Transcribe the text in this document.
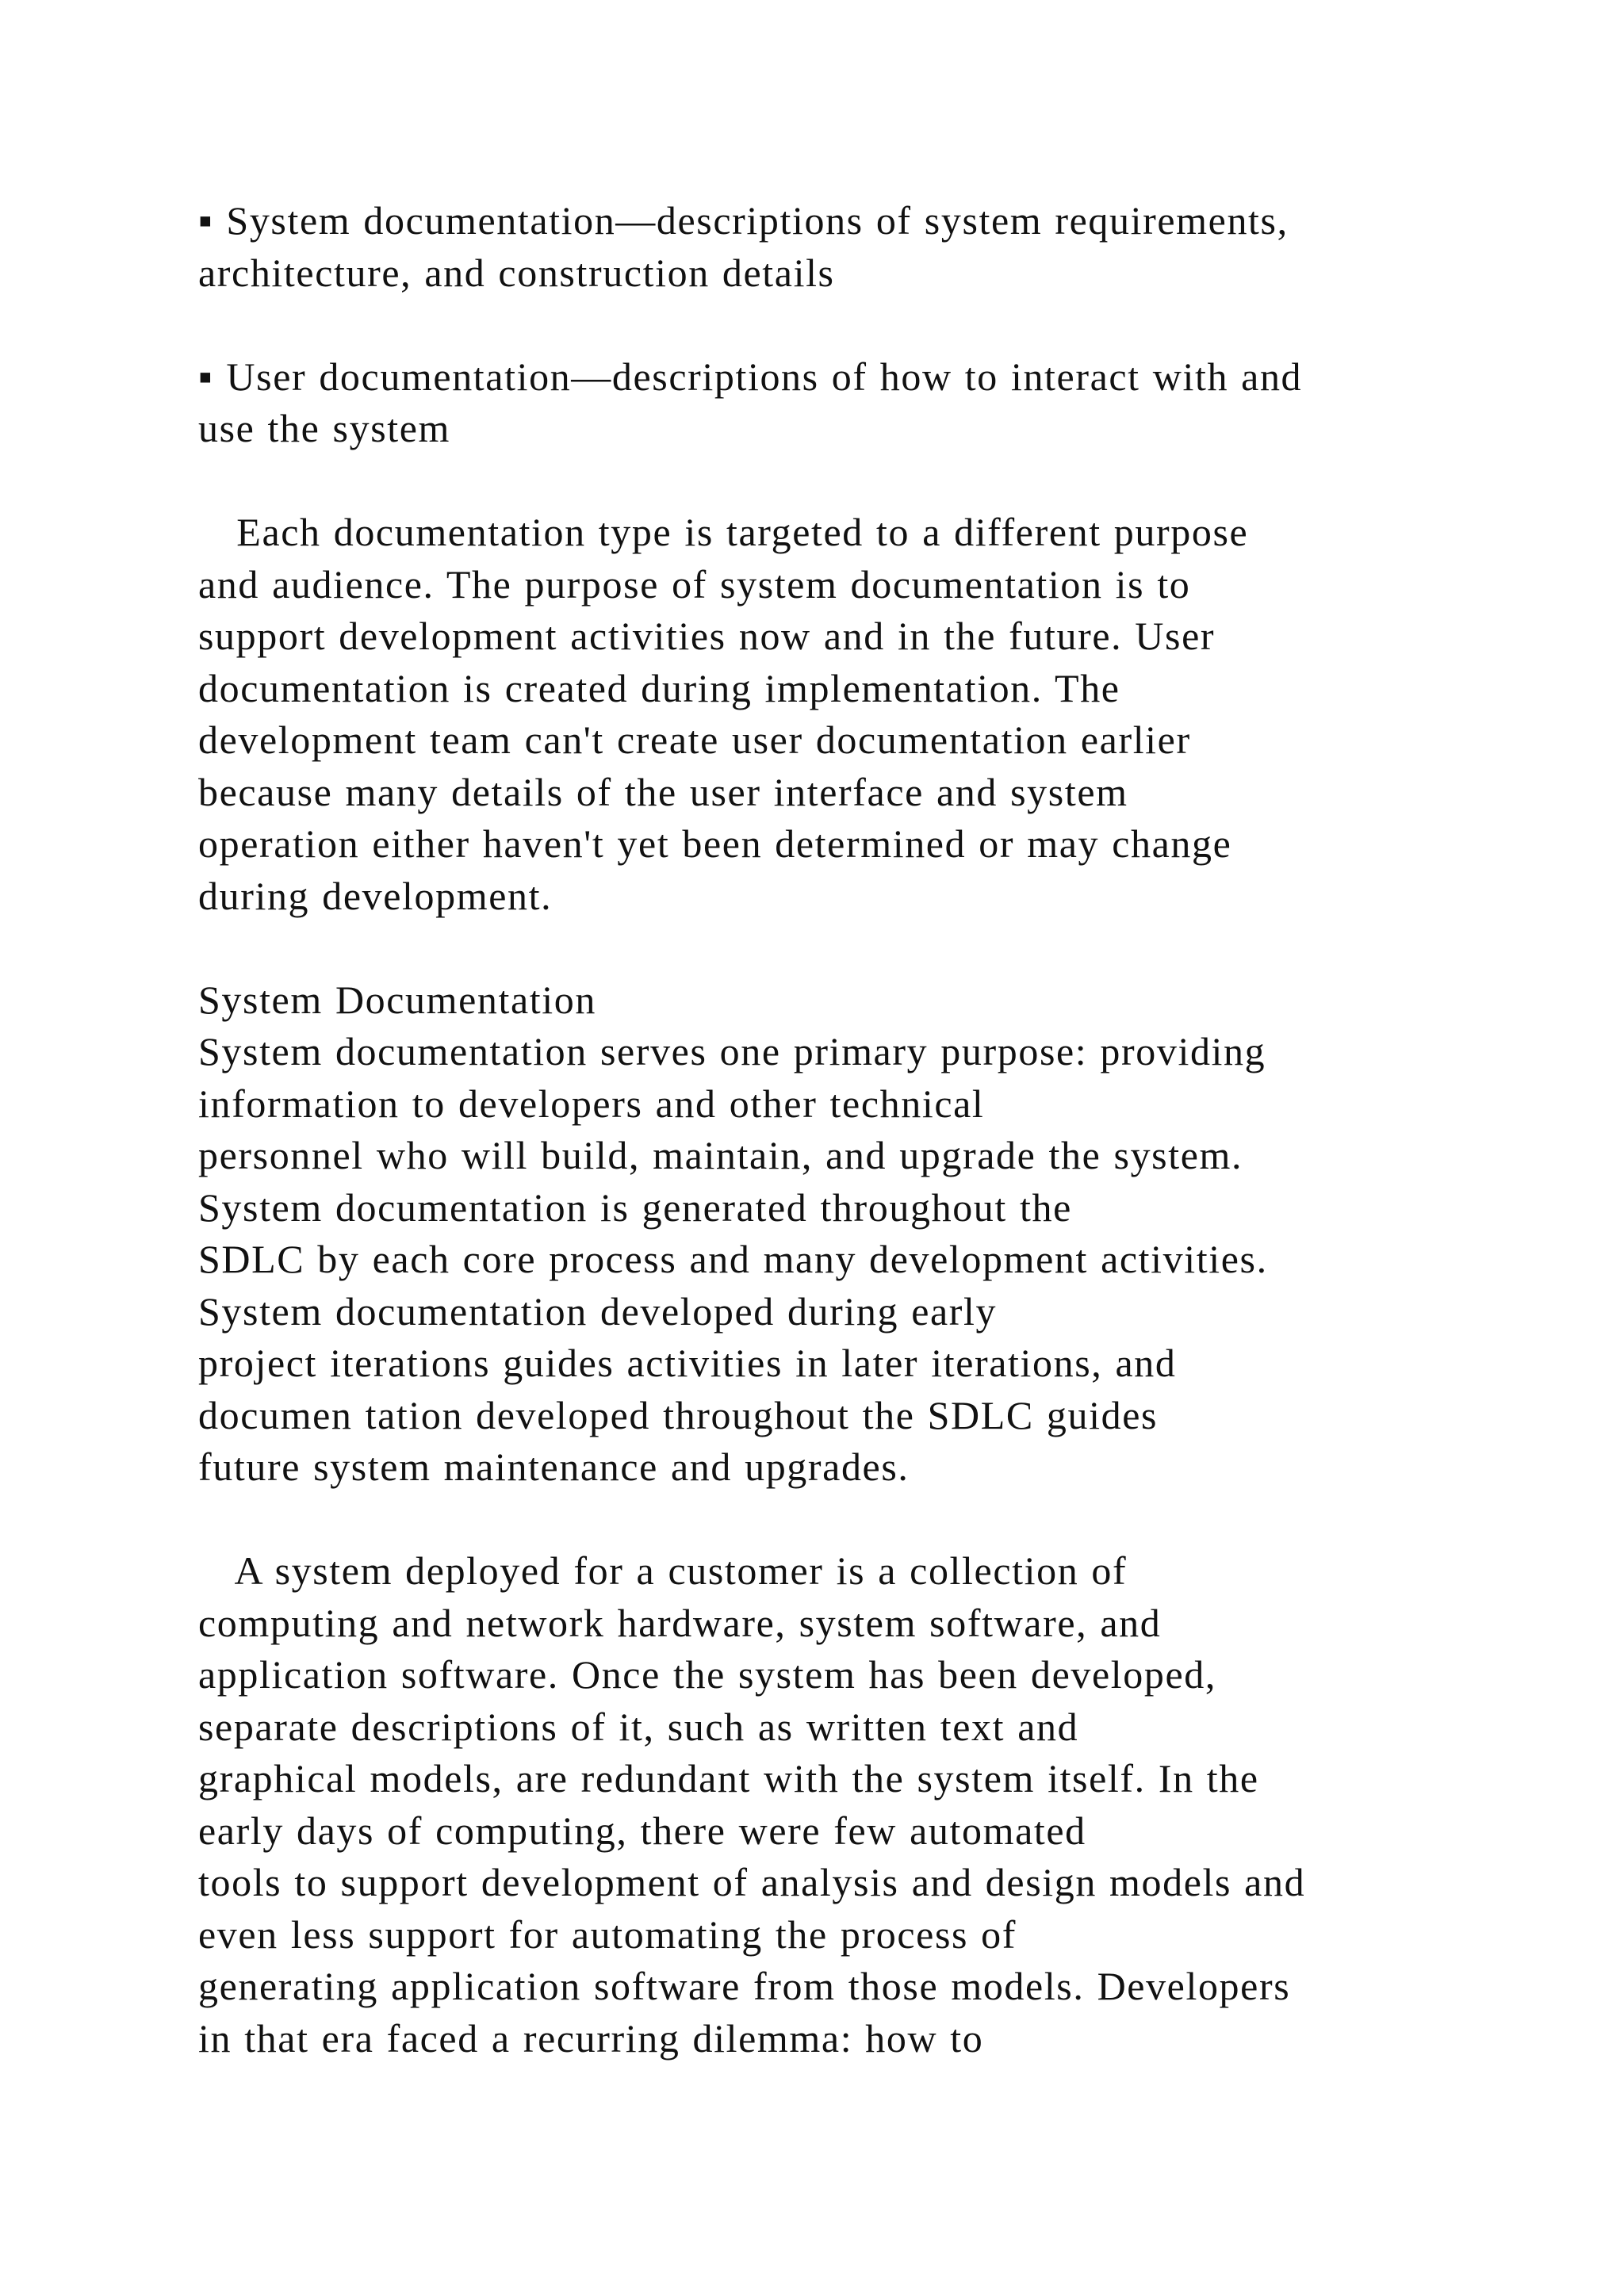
▪ System documentation—descriptions of system requirements,
architecture, and construction details
▪ User documentation—descriptions of how to interact with and
use the system
Each documentation type is targeted to a different purpose
and audience. The purpose of system documentation is to
support development activities now and in the future. User
documentation is created during implementation. The
development team can't create user documentation earlier
because many details of the user interface and system
operation either haven't yet been determined or may change
during development.
System Documentation
System documentation serves one primary purpose: providing
information to developers and other technical
personnel who will build, maintain, and upgrade the system.
System documentation is generated throughout the
SDLC by each core process and many development activities.
System documentation developed during early
project iterations guides activities in later iterations, and
documen tation developed throughout the SDLC guides
future system maintenance and upgrades.
A system deployed for a customer is a collection of
computing and network hardware, system software, and
application software. Once the system has been developed,
separate descriptions of it, such as written text and
graphical models, are redundant with the system itself. In the
early days of computing, there were few automated
tools to support development of analysis and design models and
even less support for automating the process of
generating application software from those models. Developers
in that era faced a recurring dilemma: how to
